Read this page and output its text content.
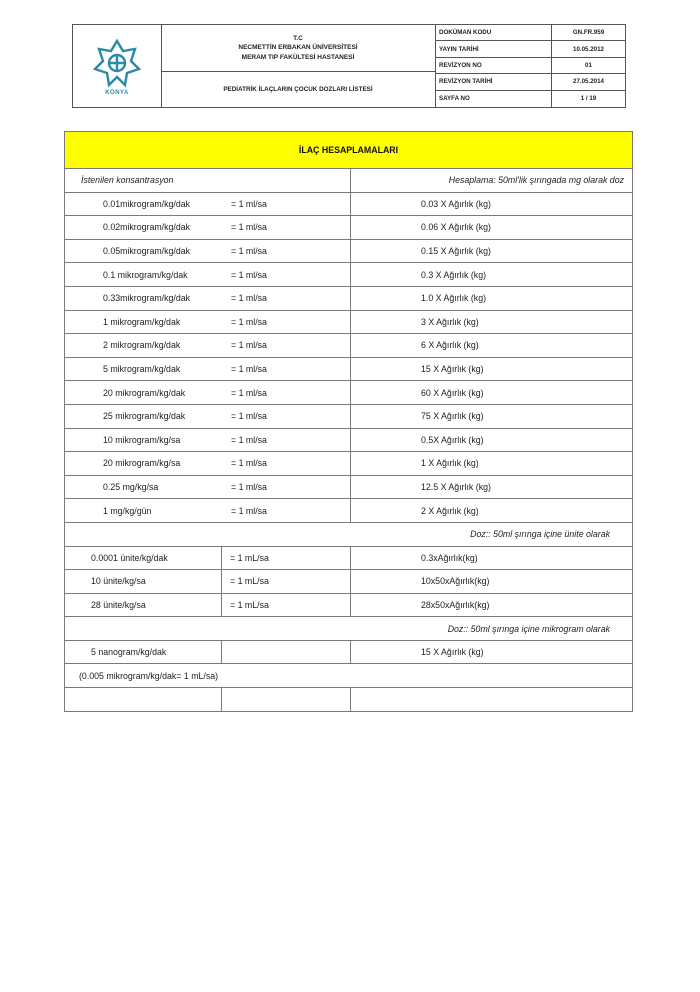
KONYA
T.C
NECMETTİN ERBAKAN ÜNİVERSİTESİ
MERAM TIP FAKÜLTESİ HASTANESİ
PEDİATRİK İLAÇLARIN ÇOCUK DOZLARI LİSTESİ
DOKÜMAN KODU	GN.FR.959
YAYIN TARİHİ	10.05.2012
REVİZYON NO	01
REVİZYON TARİHİ	27.05.2014
SAYFA NO	1 / 19
İLAÇ HESAPLAMALARI		
İstenilen konsantrasyon		Hesaplama: 50ml'lik şırıngada mg olarak doz
0.01mikrogram/kg/dak = 1 ml/sa		0.03 X Ağırlık (kg)
0.02mikrogram/kg/dak = 1 ml/sa		0.06 X Ağırlık (kg)
0.05mikrogram/kg/dak = 1 ml/sa		0.15 X Ağırlık (kg)
0.1 mikrogram/kg/dak = 1 ml/sa		0.3 X Ağırlık (kg)
0.33mikrogram/kg/dak = 1 ml/sa		1.0 X Ağırlık (kg)
1 mikrogram/kg/dak = 1 ml/sa		3 X Ağırlık (kg)
2 mikrogram/kg/dak = 1 ml/sa		6 X Ağırlık (kg)
5 mikrogram/kg/dak = 1 ml/sa		15 X Ağırlık (kg)
20 mikrogram/kg/dak = 1 ml/sa		60 X Ağırlık (kg)
25 mikrogram/kg/dak = 1 ml/sa		75 X Ağırlık (kg)
10 mikrogram/kg/sa = 1 ml/sa		0.5X Ağırlık (kg)
20 mikrogram/kg/sa = 1 ml/sa		1 X Ağırlık (kg)
0.25 mg/kg/sa = 1 ml/sa		12.5 X Ağırlık (kg)
1 mg/kg/gün = 1 ml/sa		2 X Ağırlık (kg)
Doz:: 50ml şırınga içine ünite olarak		
0.0001 ünite/kg/dak	= 1 mL/sa	0.3xAğırlık(kg)
10 ünite/kg/sa	= 1 mL/sa	10x50xAğırlık(kg)
28 ünite/kg/sa	= 1 mL/sa	28x50xAğırlık(kg)
Doz:: 50ml şırınga içine mikrogram olarak		
5 nanogram/kg/dak		15 X Ağırlık (kg)
(0.005 mikrogram/kg/dak= 1 mL/sa)		
